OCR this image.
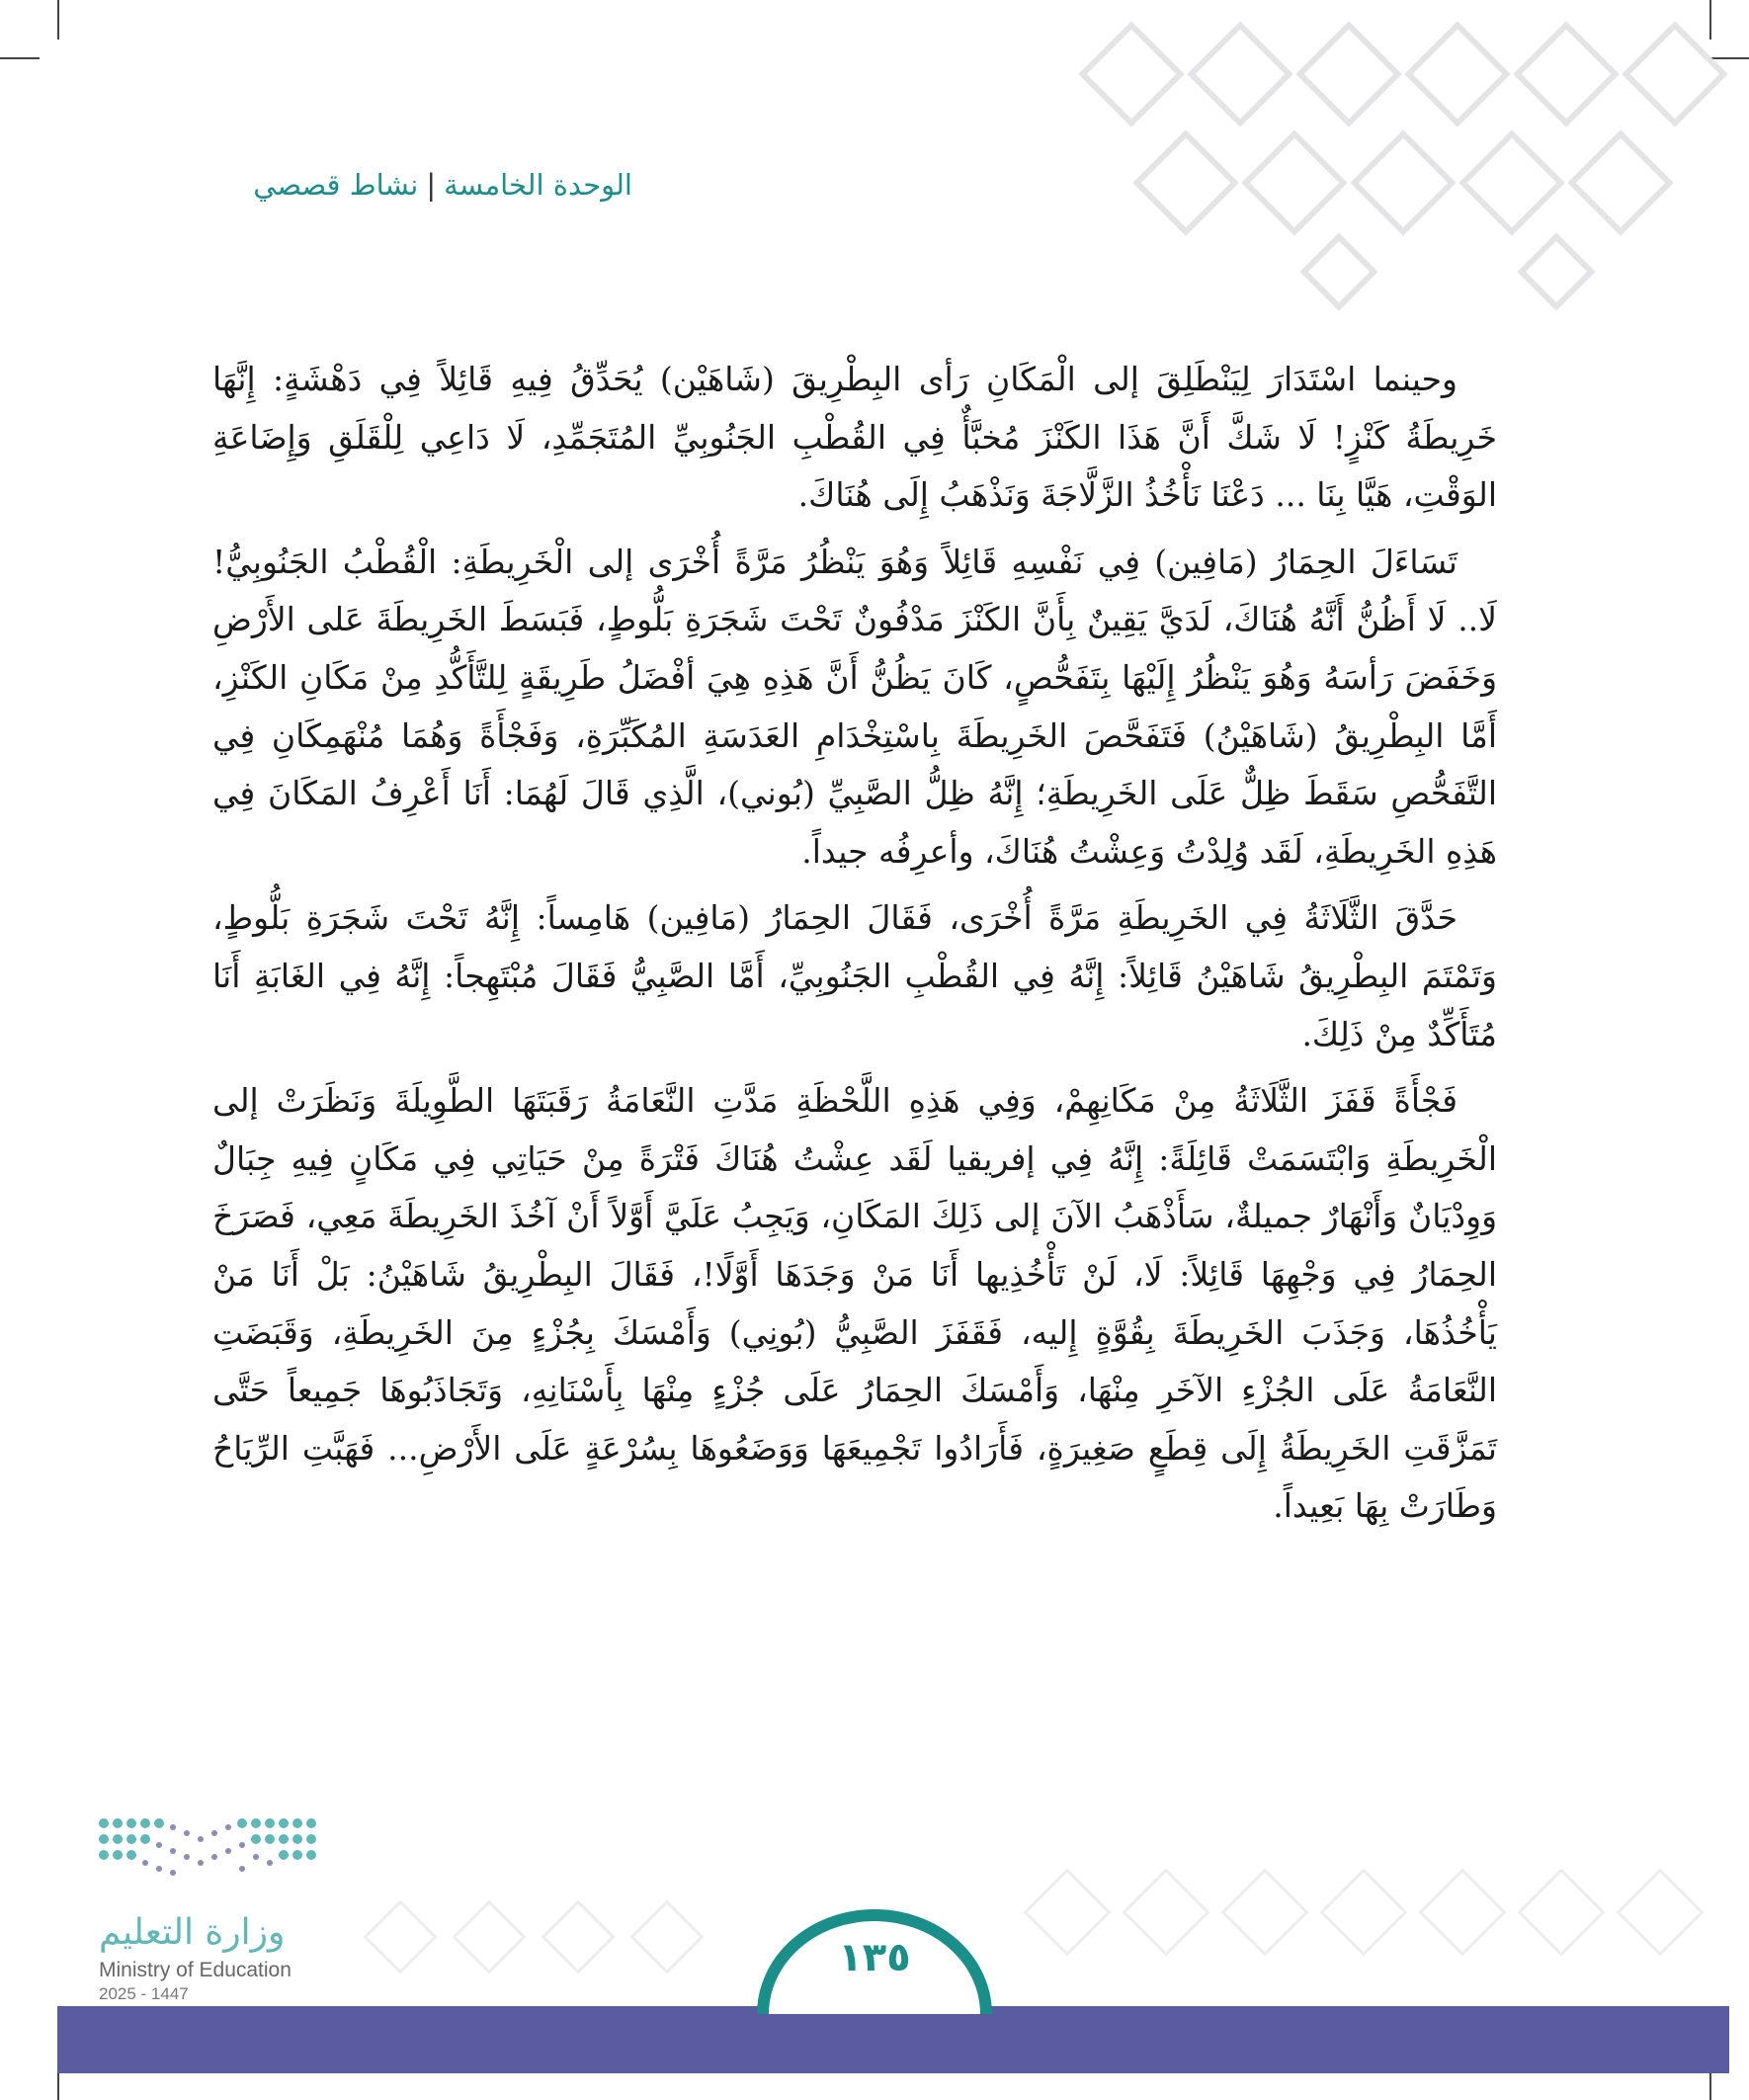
الوحدة الخامسة|نشاط قصصي

وحينما اسْتَدَارَ لِيَنْطَلِقَ إلى الْمَكَانِ رَأى البِطْرِيقَ (شَاهَيْن) يُحَدِّقُ فِيهِ قَائِلاً فِي دَهْشَةٍ: إِنَّهَا خَرِيطَةُ كَنْزٍ! لَا شَكَّ أَنَّ هَذَا الكَنْزَ مُخبَّأٌ فِي القُطْبِ الجَنُوبِيِّ المُتَجَمِّدِ، لَا دَاعِي لِلْقَلَقِ وَإِضَاعَةِ الوَقْتِ، هَيَّا بِنَا ... دَعْنَا نَأْخُذُ الزَّلَّاجَةَ وَنَذْهَبُ إِلَى هُنَاكَ.

تَسَاءَلَ الحِمَارُ (مَافِين) فِي نَفْسِهِ قَائِلاً وَهُوَ يَنْظُرُ مَرَّةً أُخْرَى إلى الْخَرِيطَةِ: الْقُطْبُ الجَنُوبِيُّ! لَا.. لَا أَظُنُّ أَنَّهُ هُنَاكَ، لَدَيَّ يَقِينٌ بِأَنَّ الكَنْزَ مَدْفُونٌ تَحْتَ شَجَرَةِ بَلُّوطٍ، فَبَسَطَ الخَرِيطَةَ عَلى الأَرْضِ وَخَفَضَ رَأسَهُ وَهُوَ يَنْظُرُ إِلَيْهَا بِتَفَحُّصٍ، كَانَ يَظُنُّ أَنَّ هَذِهِ هِيَ أفْضَلُ طَرِيقَةٍ لِلتَّأَكُّدِ مِنْ مَكَانِ الكَنْزِ، أَمَّا البِطْرِيقُ (شَاهَيْنُ) فَتَفَحَّصَ الخَرِيطَةَ بِاسْتِخْدَامِ العَدَسَةِ المُكَبِّرَةِ، وَفَجْأَةً وَهُمَا مُنْهَمِكَانِ فِي التَّفَحُّصِ سَقَطَ ظِلٌّ عَلَى الخَرِيطَةِ؛ إِنَّهُ ظِلُّ الصَّبِيِّ (بُوني)، الَّذِي قَالَ لَهُمَا: أَنَا أَعْرِفُ المَكَانَ فِي هَذِهِ الخَرِيطَةِ، لَقَد وُلِدْتُ وَعِشْتُ هُنَاكَ، وأعرِفُه جيداً.

حَدَّقَ الثَّلَاثَةُ فِي الخَرِيطَةِ مَرَّةً أُخْرَى، فَقَالَ الحِمَارُ (مَافِين) هَامِساً: إِنَّهُ تَحْتَ شَجَرَةِ بَلُّوطٍ، وَتَمْتَمَ البِطْرِيقُ شَاهَيْنُ قَائِلاً: إِنَّهُ فِي القُطْبِ الجَنُوبِيِّ، أَمَّا الصَّبِيُّ فَقَالَ مُبْتَهِجاً: إِنَّهُ فِي الغَابَةِ أَنَا مُتَأَكِّدٌ مِنْ ذَلِكَ.

فَجْأَةً قَفَزَ الثَّلَاثَةُ مِنْ مَكَانِهِمْ، وَفِي هَذِهِ اللَّحْظَةِ مَدَّتِ النَّعَامَةُ رَقَبَتَهَا الطَّوِيلَةَ وَنَظَرَتْ إلى الْخَرِيطَةِ وَابْتَسَمَتْ قَائِلَةً: إِنَّهُ فِي إفريقيا لَقَد عِشْتُ هُنَاكَ فَتْرَةً مِنْ حَيَاتِي فِي مَكَانٍ فِيهِ جِبَالٌ وَوِدْيَانٌ وَأَنْهَارٌ جميلةٌ، سَأَذْهَبُ الآنَ إلى ذَلِكَ المَكَانِ، وَيَجِبُ عَلَيَّ أَوَّلاً أَنْ آخُذَ الخَرِيطَةَ مَعِي، فَصَرَخَ الحِمَارُ فِي وَجْهِهَا قَائِلاً: لَا، لَنْ تَأْخُذِيها أَنَا مَنْ وَجَدَهَا أَوَّلًا!، فَقَالَ البِطْرِيقُ شَاهَيْنُ: بَلْ أَنَا مَنْ يَأْخُذُهَا، وَجَذَبَ الخَرِيطَةَ بِقُوَّةٍ إِليه، فَقَفَزَ الصَّبِيُّ (بُونِي) وَأَمْسَكَ بِجُزْءٍ مِنَ الخَرِيطَةِ، وَقَبَضَتِ النَّعَامَةُ عَلَى الجُزْءِ الآخَرِ مِنْهَا، وَأَمْسَكَ الحِمَارُ عَلَى جُزْءٍ مِنْهَا بِأَسْنَانِهِ، وَتَجَاذَبُوهَا جَمِيعاً حَتَّى تَمَزَّقَتِ الخَرِيطَةُ إِلَى قِطَعٍ صَغِيرَةٍ، فَأَرَادُوا تَجْمِيعَهَا وَوَضَعُوهَا بِسُرْعَةٍ عَلَى الأَرْضِ... فَهَبَّتِ الرِّيَاحُ وَطَارَتْ بِهَا بَعِيداً.

وزارة التعليم
Ministry of Education
2025 - 1447
١٣٥
